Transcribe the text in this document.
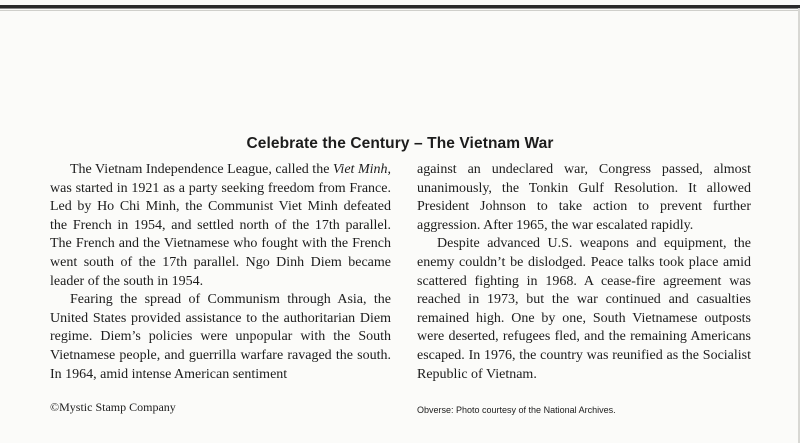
Celebrate the Century – The Vietnam War

The Vietnam Independence League, called the Viet Minh, was started in 1921 as a party seeking freedom from France. Led by Ho Chi Minh, the Communist Viet Minh defeated the French in 1954, and settled north of the 17th parallel. The French and the Vietnamese who fought with the French went south of the 17th parallel. Ngo Dinh Diem became leader of the south in 1954.

Fearing the spread of Communism through Asia, the United States provided assistance to the authoritarian Diem regime. Diem’s policies were unpopular with the South Vietnamese people, and guerrilla warfare ravaged the south. In 1964, amid intense American sentiment

against an undeclared war, Congress passed, almost unanimously, the Tonkin Gulf Resolution. It allowed President Johnson to take action to prevent further aggression. After 1965, the war escalated rapidly.

Despite advanced U.S. weapons and equipment, the enemy couldn’t be dislodged. Peace talks took place amid scattered fighting in 1968. A cease-fire agreement was reached in 1973, but the war continued and casualties remained high. One by one, South Vietnamese outposts were deserted, refugees fled, and the remaining Americans escaped. In 1976, the country was reunified as the Socialist Republic of Vietnam.

©Mystic Stamp Company	Obverse: Photo courtesy of the National Archives.
